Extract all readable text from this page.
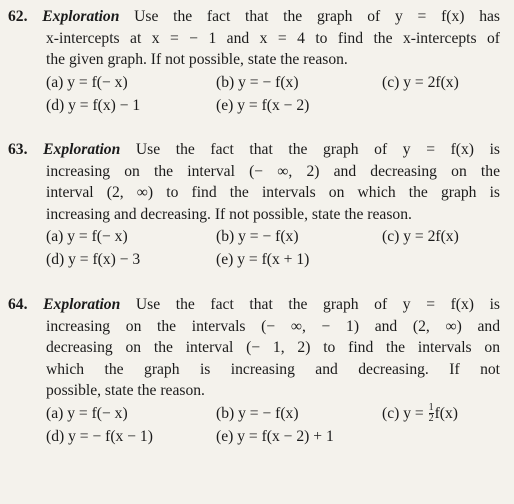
62. Exploration Use the fact that the graph of y = f(x) has
x-intercepts at x = − 1 and x = 4 to find the x-intercepts of
the given graph. If not possible, state the reason.
(a) y = f(− x)	(b) y = − f(x)	(c) y = 2f(x)
(d) y = f(x) − 1	(e) y = f(x − 2)
63. Exploration Use the fact that the graph of y = f(x) is
increasing on the interval (− ∞, 2) and decreasing on the
interval (2, ∞) to find the intervals on which the graph is
increasing and decreasing. If not possible, state the reason.
(a) y = f(− x)	(b) y = − f(x)	(c) y = 2f(x)
(d) y = f(x) − 3	(e) y = f(x + 1)
64. Exploration Use the fact that the graph of y = f(x) is
increasing on the intervals (− ∞, − 1) and (2, ∞) and
decreasing on the interval (− 1, 2) to find the intervals on
which the graph is increasing and decreasing. If not
possible, state the reason.
(a) y = f(− x)	(b) y = − f(x)	(c) $y = \frac{1}{2} f(x)$
(d) y = − f(x − 1)	(e) y = f(x − 2) + 1
